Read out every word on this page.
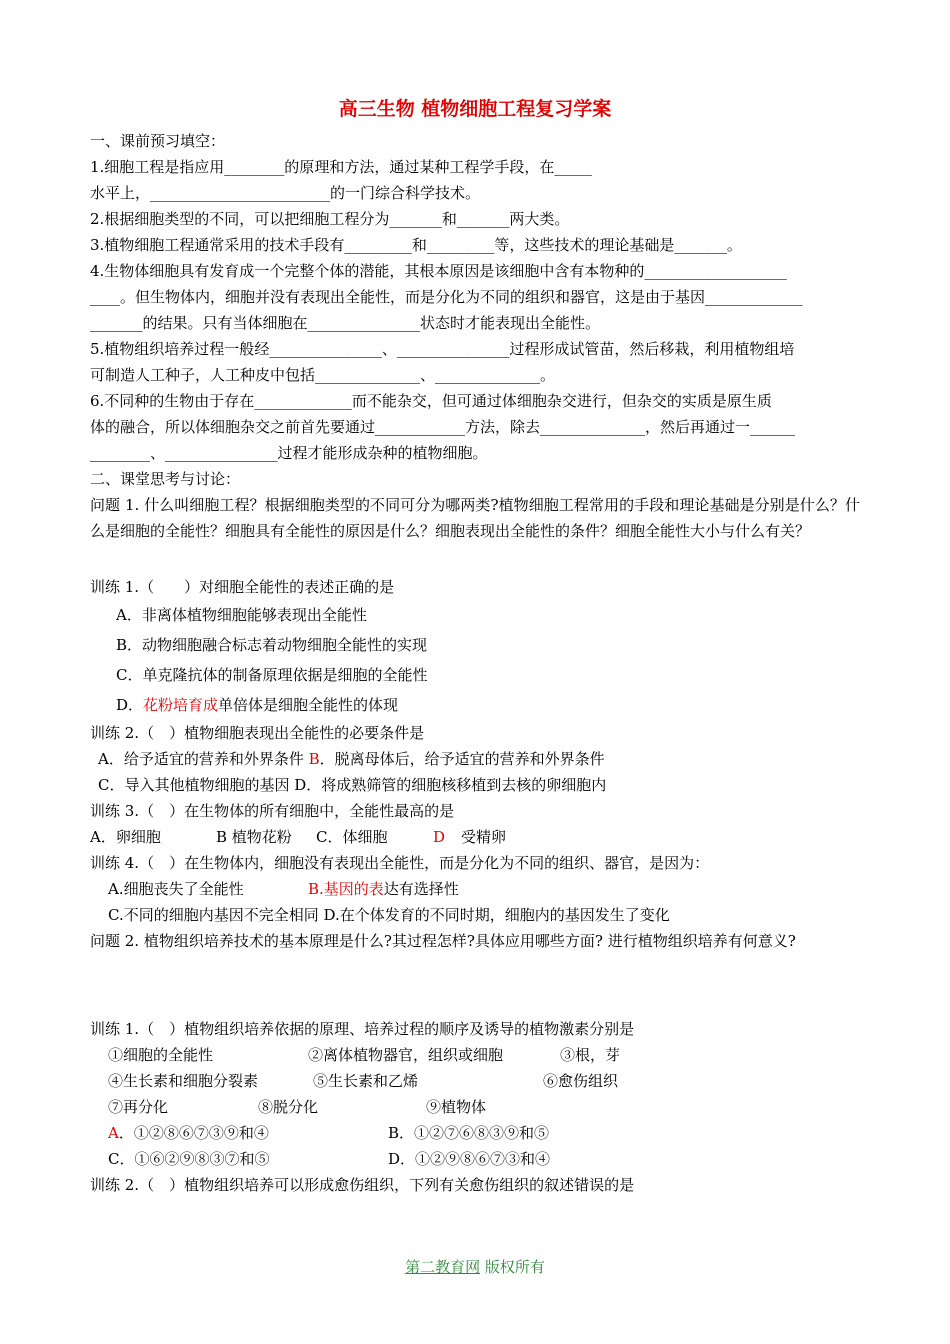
高三生物 植物细胞工程复习学案
一、课前预习填空：
1.细胞工程是指应用________的原理和方法，通过某种工程学手段，在_____
水平上，________________________的一门综合科学技术。
2.根据细胞类型的不同，可以把细胞工程分为_______和_______两大类。
3.植物细胞工程通常采用的技术手段有_________和_________等，这些技术的理论基础是_______。
4.生物体细胞具有发育成一个完整个体的潜能，其根本原因是该细胞中含有本物种的___________________
____。但生物体内，细胞并没有表现出全能性，而是分化为不同的组织和器官，这是由于基因_____________
_______的结果。只有当体细胞在_______________状态时才能表现出全能性。
5.植物组织培养过程一般经_______________、_______________过程形成试管苗，然后移栽，利用植物组培
可制造人工种子，人工种皮中包括______________、______________。
6.不同种的生物由于存在_____________而不能杂交，但可通过体细胞杂交进行，但杂交的实质是原生质
体的融合，所以体细胞杂交之前首先要通过____________方法，除去______________，然后再通过一______
________、_______________过程才能形成杂种的植物细胞。
二、课堂思考与讨论：
问题 1. 什么叫细胞工程？根据细胞类型的不同可分为哪两类?植物细胞工程常用的手段和理论基础是分别是什么？什么是细胞的全能性？细胞具有全能性的原因是什么？细胞表现出全能性的条件？细胞全能性大小与什么有关？
训练 1.（　　）对细胞全能性的表述正确的是
A．非离体植物细胞能够表现出全能性
B．动物细胞融合标志着动物细胞全能性的实现
C．单克隆抗体的制备原理依据是细胞的全能性
D．花粉培育成单倍体是细胞全能性的体现
训练 2.（　）植物细胞表现出全能性的必要条件是
A．给予适宜的营养和外界条件 B．脱离母体后，给予适宜的营养和外界条件
C．导入其他植物细胞的基因 D．将成熟筛管的细胞核移植到去核的卵细胞内
训练 3.（　）在生物体的所有细胞中，全能性最高的是
A．卵细胞	B 植物花粉 C．体细胞	D 受精卵
训练 4.（　）在生物体内，细胞没有表现出全能性，而是分化为不同的组织、器官，是因为：
A.细胞丧失了全能性	B.基因的表达有选择性
C.不同的细胞内基因不完全相同 D.在个体发育的不同时期，细胞内的基因发生了变化
问题 2. 植物组织培养技术的基本原理是什么?其过程怎样?具体应用哪些方面? 进行植物组织培养有何意义?
训练 1.（　）植物组织培养依据的原理、培养过程的顺序及诱导的植物激素分别是
①细胞的全能性	②离体植物器官，组织或细胞	③根，芽
④生长素和细胞分裂素	⑤生长素和乙烯	⑥愈伤组织
⑦再分化	⑧脱分化	⑨植物体
A．①②⑧⑥⑦③⑨和④	B．①②⑦⑥⑧③⑨和⑤
C．①⑥②⑨⑧③⑦和⑤	D．①②⑨⑧⑥⑦③和④
训练 2.（　）植物组织培养可以形成愈伤组织，下列有关愈伤组织的叙述错误的是
第二教育网 版权所有
